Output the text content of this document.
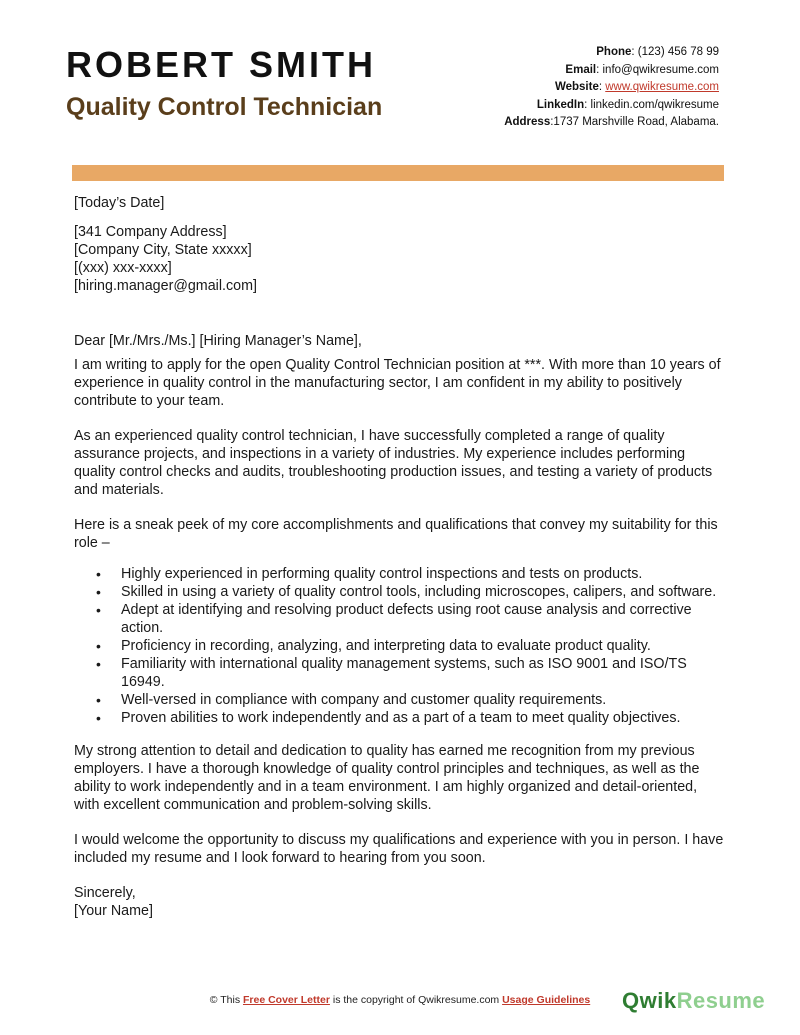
ROBERT SMITH
Quality Control Technician
Phone: (123) 456 78 99
Email: info@qwikresume.com
Website: www.qwikresume.com
LinkedIn: linkedin.com/qwikresume
Address:1737 Marshville Road, Alabama.

[Today’s Date]

[341 Company Address]

[Company City, State xxxxx]

[(xxx) xxx-xxxx]

[hiring.manager@gmail.com]

Dear [Mr./Mrs./Ms.] [Hiring Manager’s Name],

I am writing to apply for the open Quality Control Technician position at ***. With more than 10 years of experience in quality control in the manufacturing sector, I am confident in my ability to positively contribute to your team.

As an experienced quality control technician, I have successfully completed a range of quality assurance projects, and inspections in a variety of industries. My experience includes performing quality control checks and audits, troubleshooting production issues, and testing a variety of products and materials.

Here is a sneak peek of my core accomplishments and qualifications that convey my suitability for this role –

• Highly experienced in performing quality control inspections and tests on products.
• Skilled in using a variety of quality control tools, including microscopes, calipers, and software.
• Adept at identifying and resolving product defects using root cause analysis and corrective action.
• Proficiency in recording, analyzing, and interpreting data to evaluate product quality.
• Familiarity with international quality management systems, such as ISO 9001 and ISO/TS 16949.
• Well-versed in compliance with company and customer quality requirements.
• Proven abilities to work independently and as a part of a team to meet quality objectives.

My strong attention to detail and dedication to quality has earned me recognition from my previous employers. I have a thorough knowledge of quality control principles and techniques, as well as the ability to work independently and in a team environment. I am highly organized and detail-oriented, with excellent communication and problem-solving skills.

I would welcome the opportunity to discuss my qualifications and experience with you in person. I have included my resume and I look forward to hearing from you soon.

Sincerely,

[Your Name]

© This Free Cover Letter is the copyright of Qwikresume.com Usage Guidelines	QwikResume
